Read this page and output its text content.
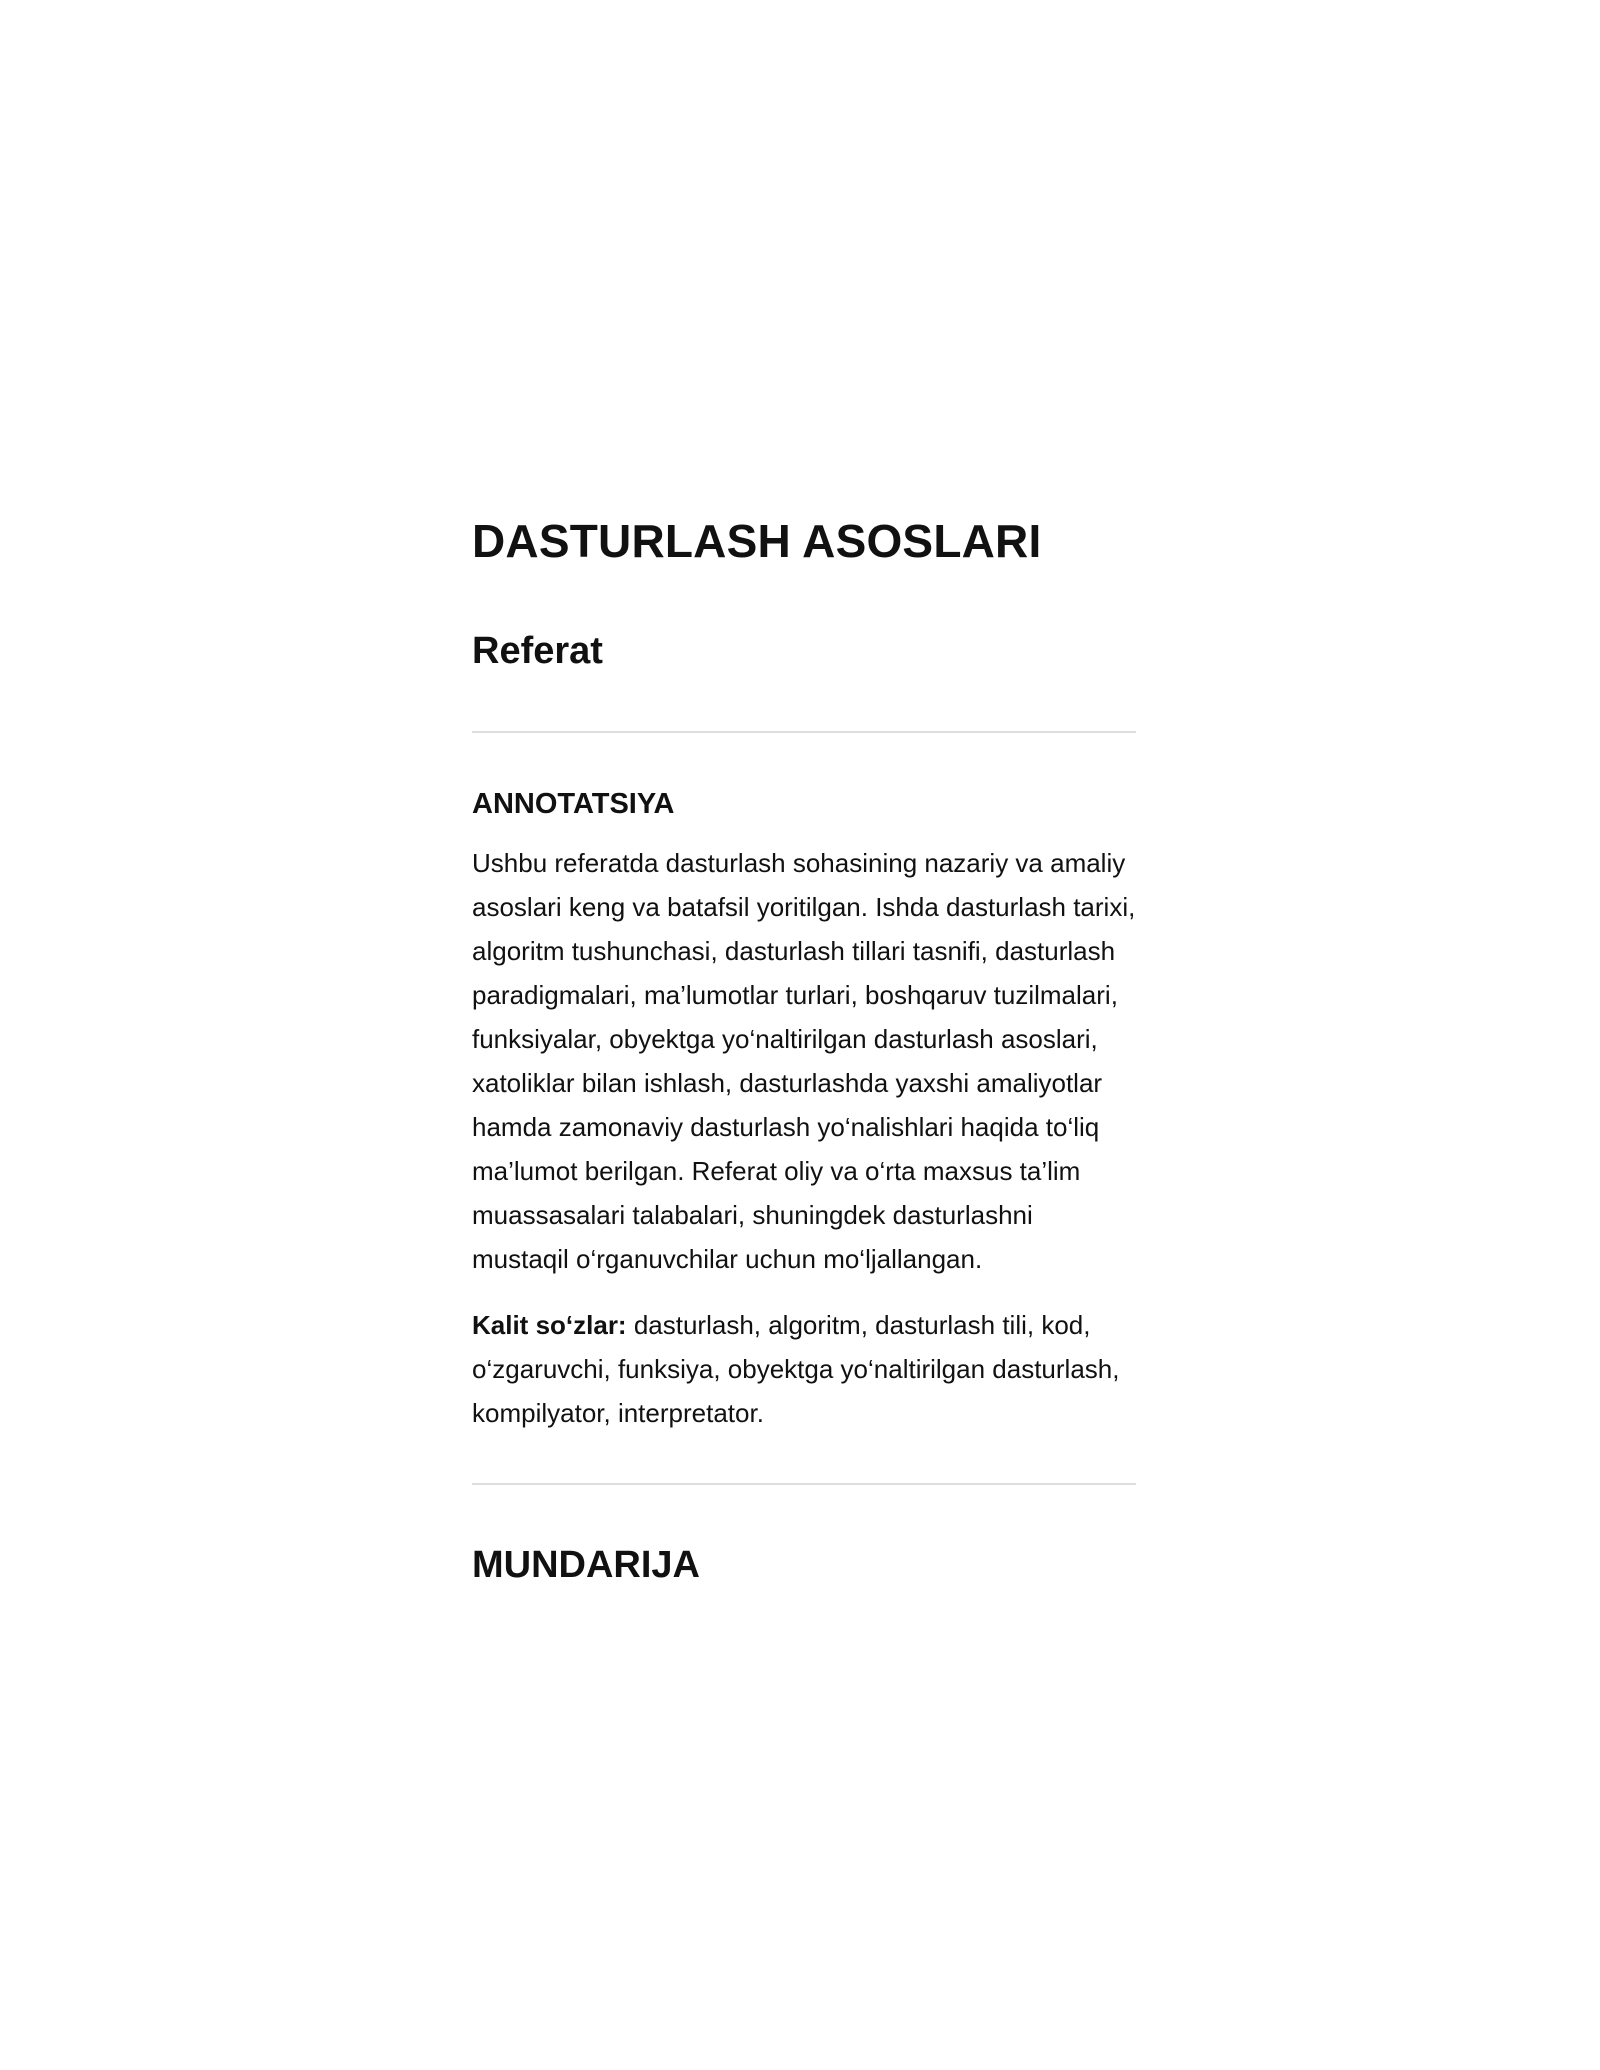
DASTURLASH ASOSLARI
Referat
ANNOTATSIYA

Ushbu referatda dasturlash sohasining nazariy va amaliy asoslari keng va batafsil yoritilgan. Ishda dasturlash tarixi, algoritm tushunchasi, dasturlash tillari tasnifi, dasturlash paradigmalari, ma’lumotlar turlari, boshqaruv tuzilmalari, funksiyalar, obyektga yo‘naltirilgan dasturlash asoslari, xatoliklar bilan ishlash, dasturlashda yaxshi amaliyotlar hamda zamonaviy dasturlash yo‘nalishlari haqida to‘liq ma’lumot berilgan. Referat oliy va o‘rta maxsus ta’lim muassasalari talabalari, shuningdek dasturlashni mustaqil o‘rganuvchilar uchun mo‘ljallangan.

Kalit so‘zlar: dasturlash, algoritm, dasturlash tili, kod, o‘zgaruvchi, funksiya, obyektga yo‘naltirilgan dasturlash, kompilyator, interpretator.

MUNDARIJA
